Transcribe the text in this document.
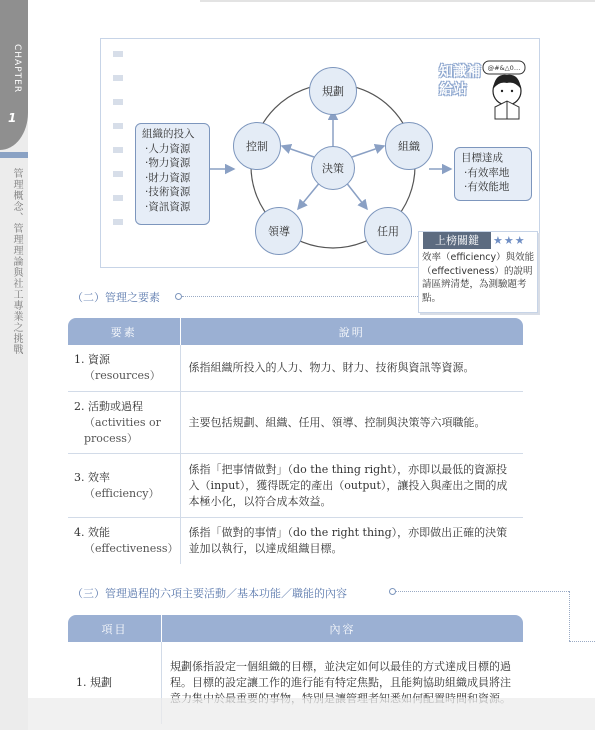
CHAPTER
1
管理概念、管理理論與社工專業之挑戰
規劃
組織
任用
領導
控制
決策
組織的投入
‧人力資源
‧物力資源
‧財力資源
‧技術資源
‧資訊資源
目標達成
‧有效率地
‧有效能地
知識補給站
@#&△0…
上榜關鍵	★★★
效率（efficiency）與效能（effectiveness）的說明請區辨清楚，為測驗題考點。
（二）管理之要素
要素	說明

1. 資源
（resources）	係指組織所投入的人力、物力、財力、技術與資訊等資源。

2. 活動或過程
（activities or process）	主要包括規劃、組織、任用、領導、控制與決策等六項職能。

3. 效率
（efficiency）	係指「把事情做對」（do the thing right），亦即以最低的資源投入（input），獲得既定的產出（output），讓投入與產出之間的成本極小化，以符合成本效益。

4. 效能
（effectiveness）	係指「做對的事情」（do the right thing），亦即做出正確的決策並加以執行，以達成組織目標。
（三）管理過程的六項主要活動／基本功能／職能的內容
項目	內容
1. 規劃	規劃係指設定一個組織的目標，並決定如何以最佳的方式達成目標的過程。目標的設定讓工作的進行能有特定焦點，且能夠協助組織成員將注
